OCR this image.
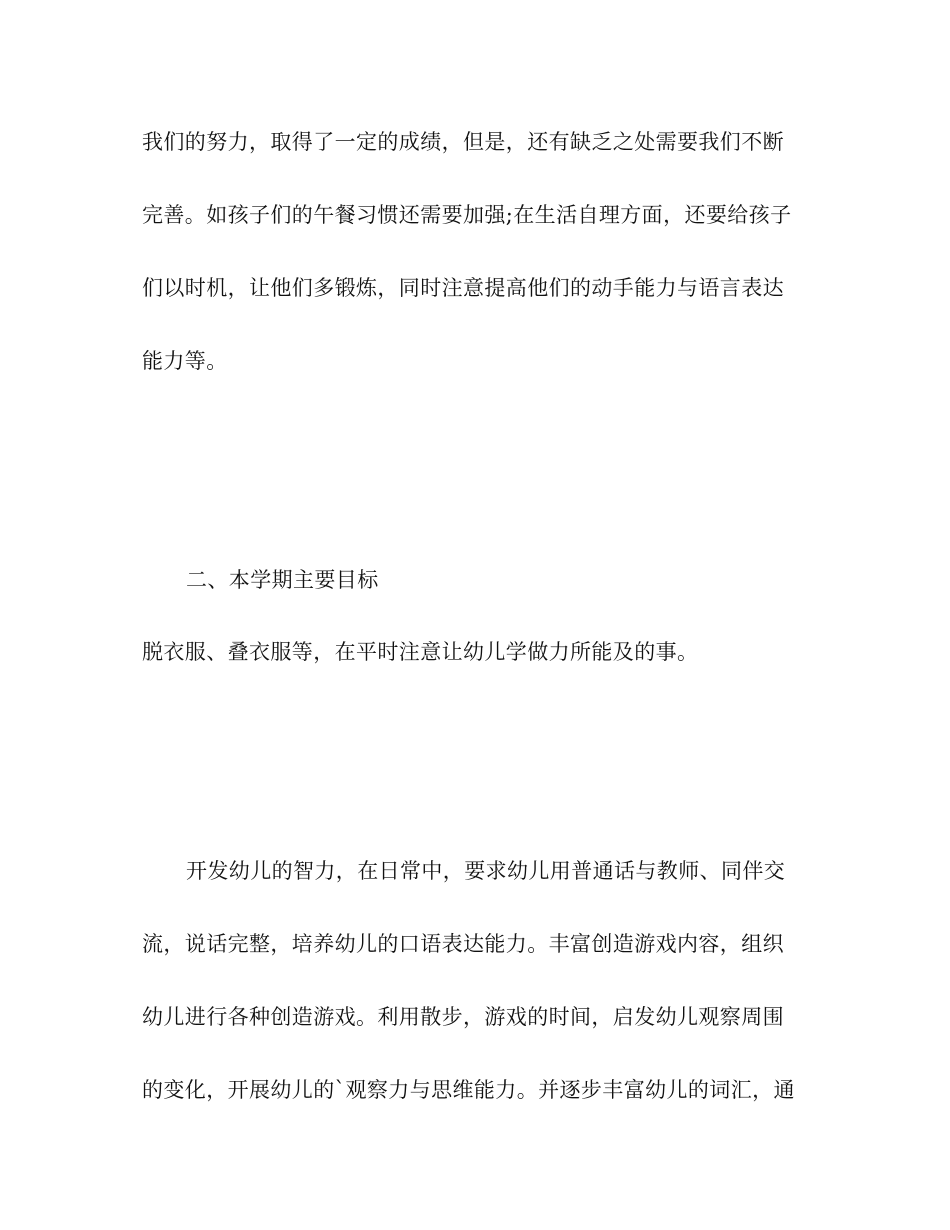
我们的努力，取得了一定的成绩，但是，还有缺乏之处需要我们不断
完善。如孩子们的午餐习惯还需要加强;在生活自理方面，还要给孩子
们以时机，让他们多锻炼，同时注意提高他们的动手能力与语言表达
能力等。
二、本学期主要目标
脱衣服、叠衣服等，在平时注意让幼儿学做力所能及的事。
开发幼儿的智力，在日常中，要求幼儿用普通话与教师、同伴交
流，说话完整，培养幼儿的口语表达能力。丰富创造游戏内容，组织
幼儿进行各种创造游戏。利用散步，游戏的时间，启发幼儿观察周围
的变化，开展幼儿的`观察力与思维能力。并逐步丰富幼儿的词汇，通
